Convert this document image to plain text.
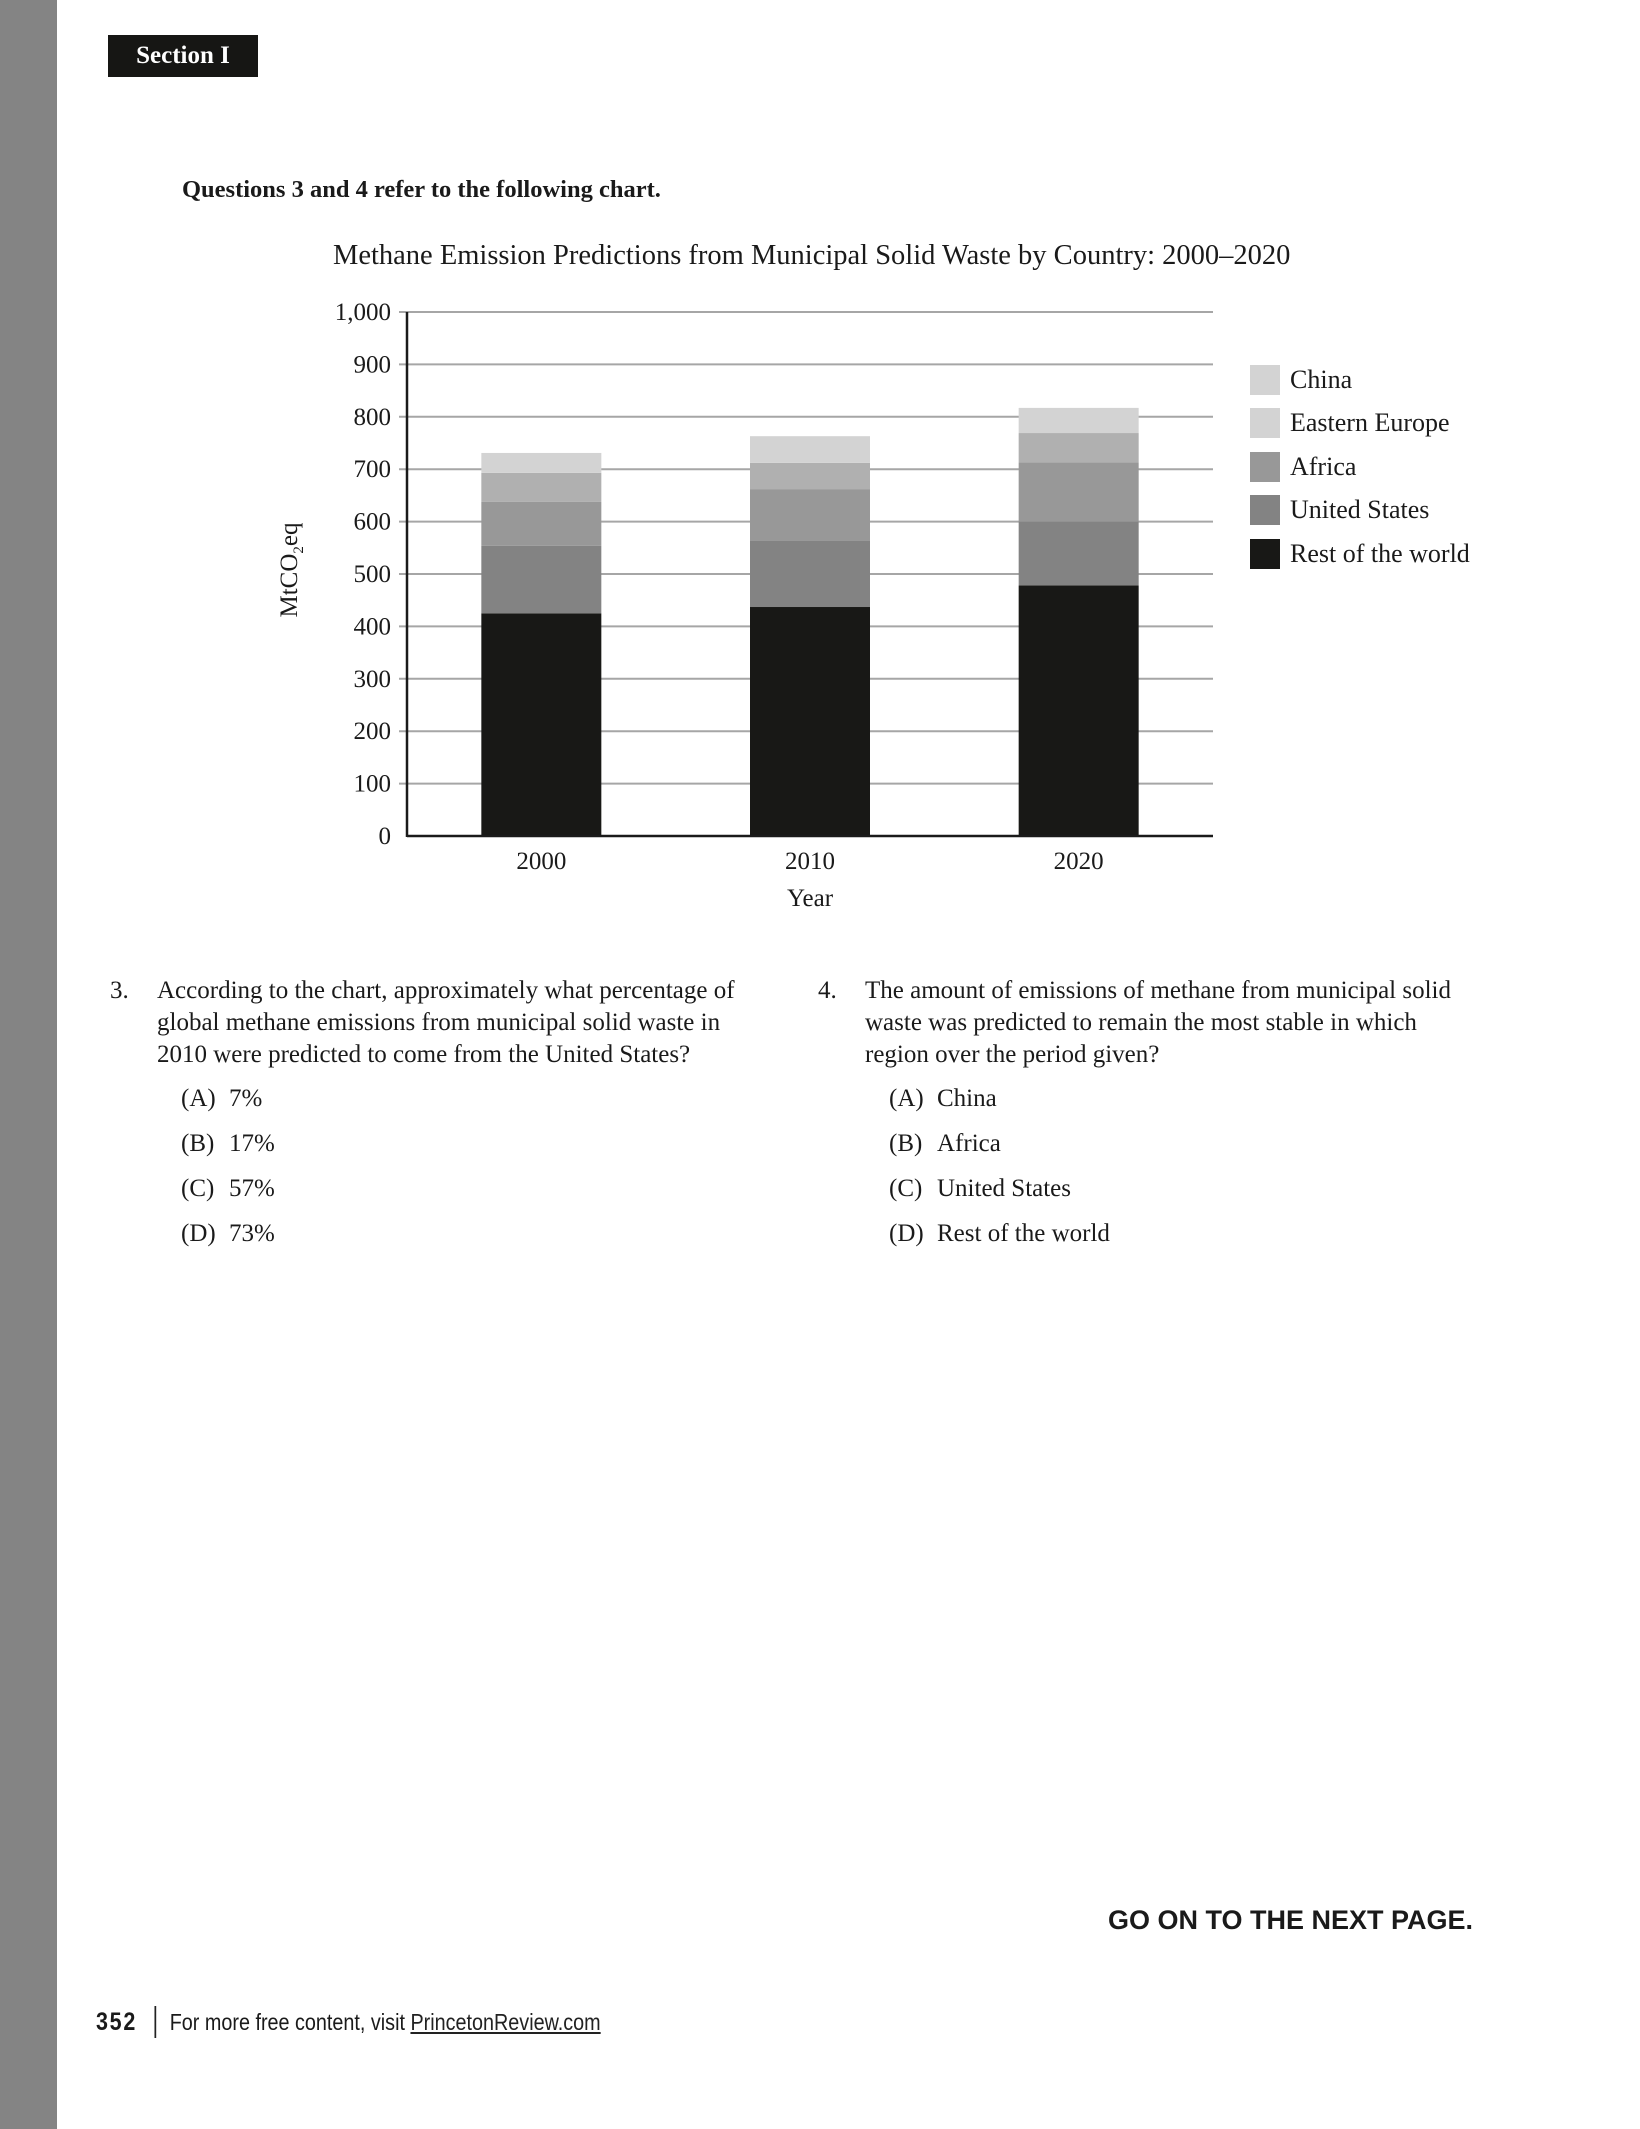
Section I
Questions 3 and 4 refer to the following chart.
Methane Emission Predictions from Municipal Solid Waste by Country: 2000–2020
0
100
200
300
400
500
600
700
800
900
1,000
2000	2010	2020
Year
MtCO$_2$eq
China
Eastern Europe
Africa
United States
Rest of the world
3. According to the chart, approximately what percentage of global methane emissions from municipal solid waste in 2010 were predicted to come from the United States?
(A) 7%
(B) 17%
(C) 57%
(D) 73%
4. The amount of emissions of methane from municipal solid waste was predicted to remain the most stable in which region over the period given?
(A) China
(B) Africa
(C) United States
(D) Rest of the world
GO ON TO THE NEXT PAGE.
352 For more free content, visit
PrincetonReview.com
